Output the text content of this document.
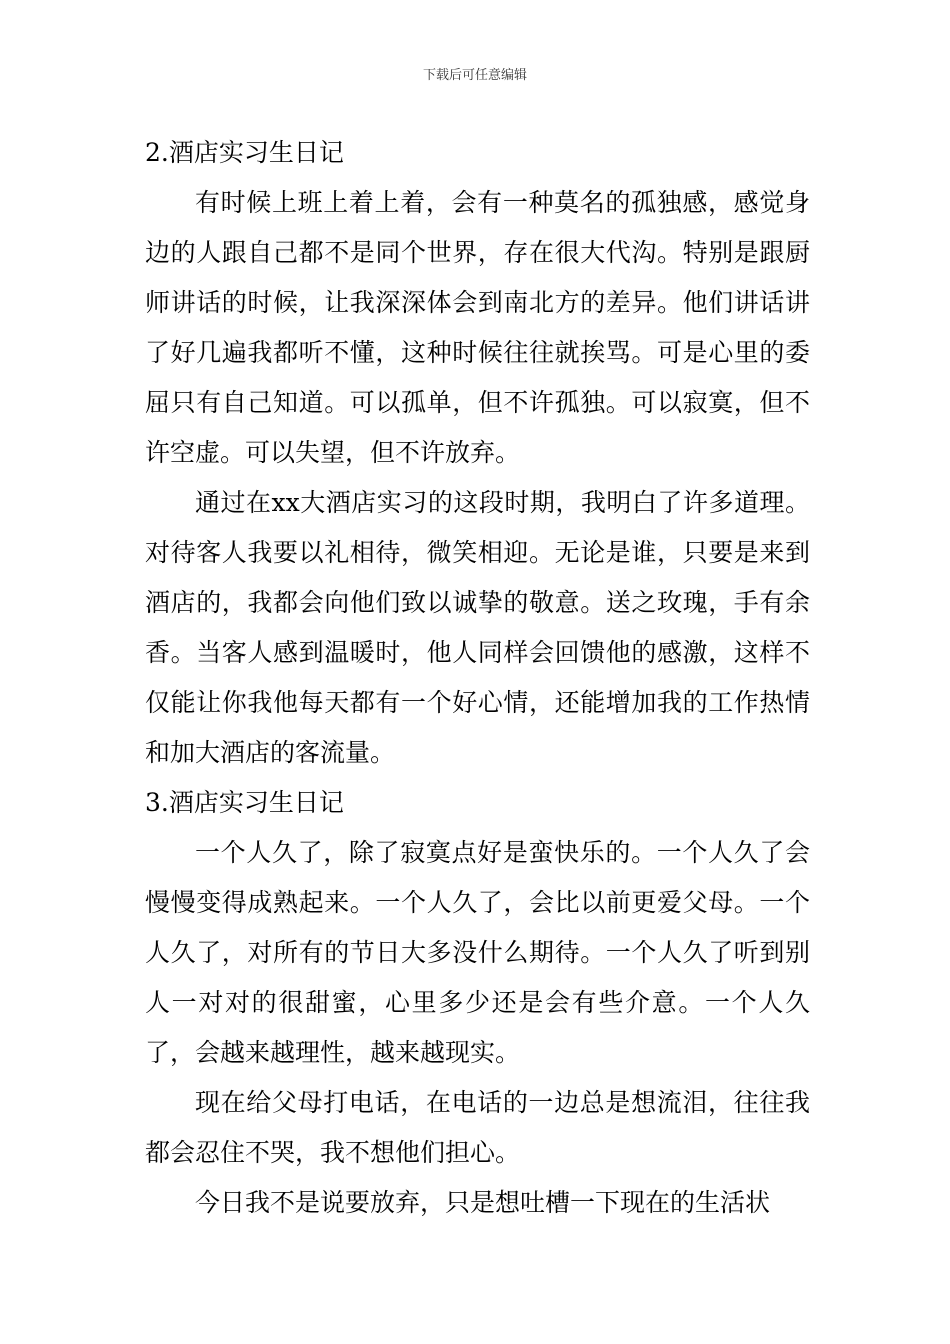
下载后可任意编辑

2.酒店实习生日记

有时候上班上着上着，会有一种莫名的孤独感，感觉身边的人跟自己都不是同个世界，存在很大代沟。特别是跟厨师讲话的时候，让我深深体会到南北方的差异。他们讲话讲了好几遍我都听不懂，这种时候往往就挨骂。可是心里的委屈只有自己知道。可以孤单，但不许孤独。可以寂寞，但不许空虚。可以失望，但不许放弃。

通过在xx大酒店实习的这段时期，我明白了许多道理。对待客人我要以礼相待，微笑相迎。无论是谁，只要是来到酒店的，我都会向他们致以诚挚的敬意。送之玫瑰，手有余香。当客人感到温暖时，他人同样会回馈他的感激，这样不仅能让你我他每天都有一个好心情，还能增加我的工作热情和加大酒店的客流量。

3.酒店实习生日记

一个人久了，除了寂寞点好是蛮快乐的。一个人久了会慢慢变得成熟起来。一个人久了，会比以前更爱父母。一个人久了，对所有的节日大多没什么期待。一个人久了听到别人一对对的很甜蜜，心里多少还是会有些介意。一个人久了，会越来越理性，越来越现实。

现在给父母打电话，在电话的一边总是想流泪，往往我都会忍住不哭，我不想他们担心。

今日我不是说要放弃，只是想吐槽一下现在的生活状
